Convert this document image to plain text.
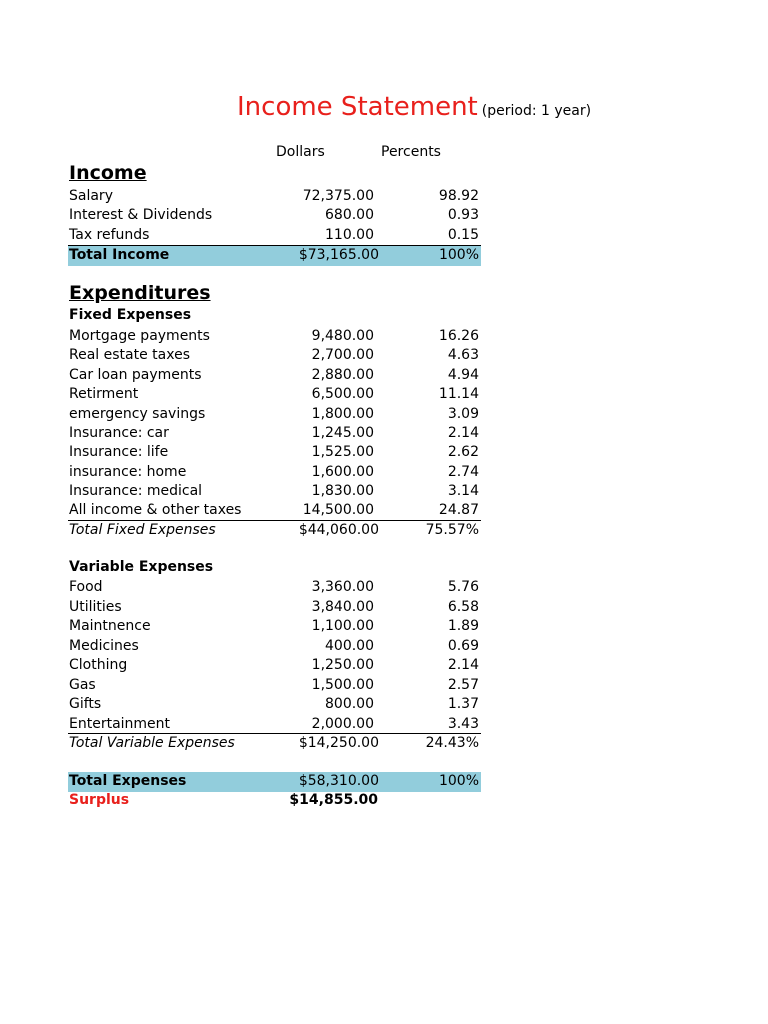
Income Statement (period: 1 year)
Dollars	Percents
Income
Salary	72,375.00	98.92
Interest & Dividends	680.00	0.93
Tax refunds	110.00	0.15
Total Income	$73,165.00	100%
Expenditures
Fixed Expenses
Mortgage payments	9,480.00	16.26
Real estate taxes	2,700.00	4.63
Car loan payments	2,880.00	4.94
Retirment	6,500.00	11.14
emergency savings	1,800.00	3.09
Insurance: car	1,245.00	2.14
Insurance: life	1,525.00	2.62
insurance: home	1,600.00	2.74
Insurance: medical	1,830.00	3.14
All income & other taxes	14,500.00	24.87
Total Fixed Expenses	$44,060.00	75.57%
Variable Expenses
Food	3,360.00	5.76
Utilities	3,840.00	6.58
Maintnence	1,100.00	1.89
Medicines	400.00	0.69
Clothing	1,250.00	2.14
Gas	1,500.00	2.57
Gifts	800.00	1.37
Entertainment	2,000.00	3.43
Total Variable Expenses	$14,250.00	24.43%
Total Expenses	$58,310.00	100%
Surplus	$14,855.00
